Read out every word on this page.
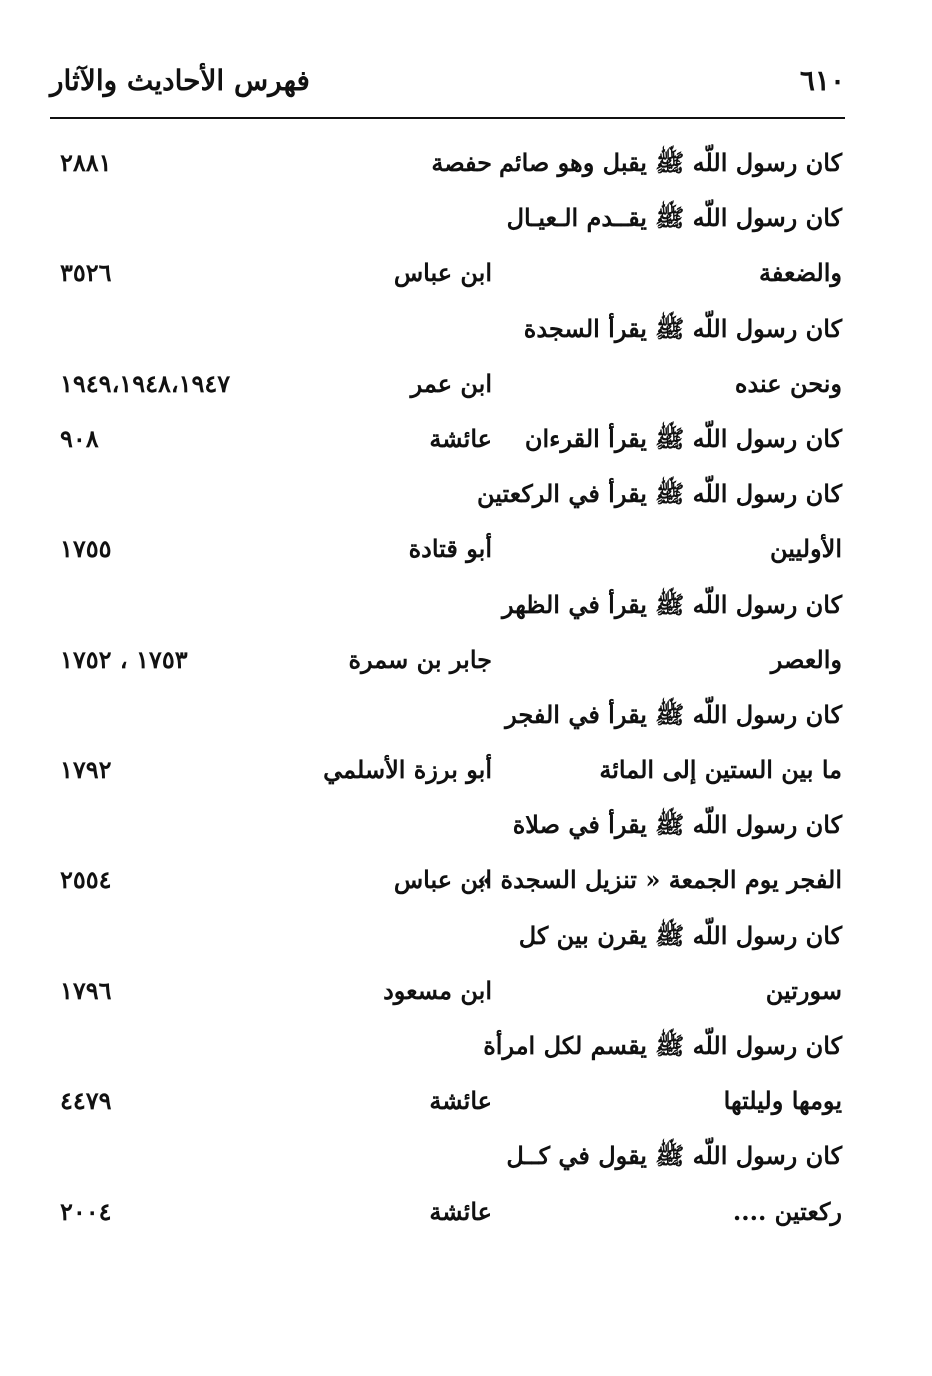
٦١٠
فهرس الأحاديث والآثار
كان رسول اللّه ﷺ يقبل وهو صائم
حفصة
٢٨٨١
كان رسول اللّه ﷺ يقــدم الـعيـال
والضعفة
ابن عباس
٣٥٢٦
كان رسول اللّه ﷺ يقرأ السجدة
ونحن عنده
ابن عمر
١٩٤٩،١٩٤٨،١٩٤٧
كان رسول اللّه ﷺ يقرأ القرءان
عائشة
٩٠٨
كان رسول اللّه ﷺ يقرأ في الركعتين
الأوليين
أبو قتادة
١٧٥٥
كان رسول اللّه ﷺ يقرأ في الظهر
والعصر
جابر بن سمرة
١٧٥٣ ، ١٧٥٢
كان رسول اللّه ﷺ يقرأ في الفجر
ما بين الستين إلى المائة
أبو برزة الأسلمي
١٧٩٢
كان رسول اللّه ﷺ يقرأ في صلاة
الفجر يوم الجمعة « تنزيل السجدة »
ابن عباس
٢٥٥٤
كان رسول اللّه ﷺ يقرن بين كل
سورتين
ابن مسعود
١٧٩٦
كان رسول اللّه ﷺ يقسم لكل امرأة
يومها وليلتها
عائشة
٤٤٧٩
كان رسول اللّه ﷺ يقول في كــل
ركعتين ....
عائشة
٢٠٠٤
